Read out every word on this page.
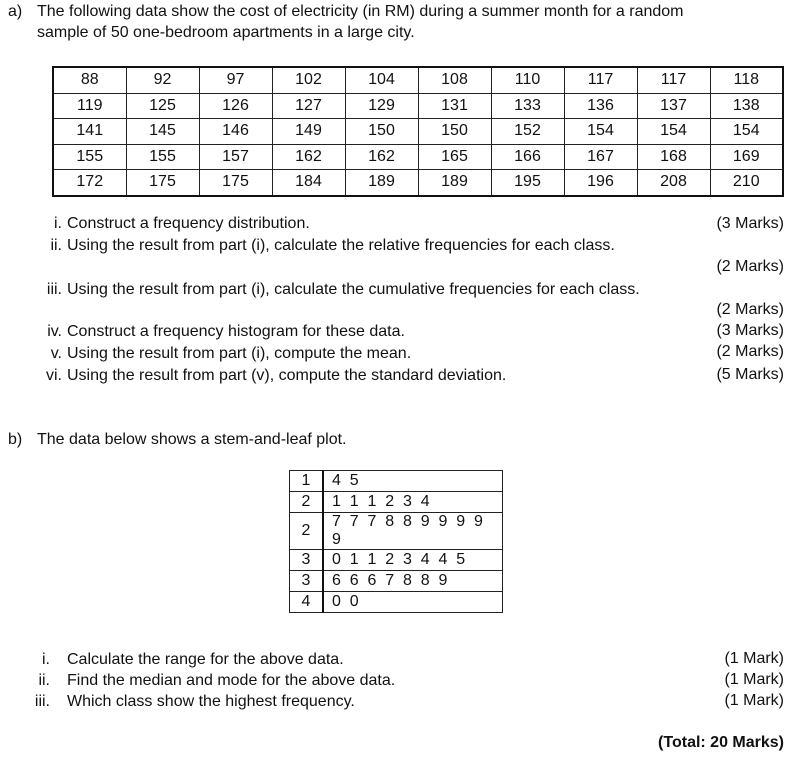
a) The following data show the cost of electricity (in RM) during a summer month for a random
sample of 50 one-bedroom apartments in a large city.
88	92	97	102	104	108	110	117	117	118
119	125	126	127	129	131	133	136	137	138
141	145	146	149	150	150	152	154	154	154
155	155	157	162	162	165	166	167	168	169
172	175	175	184	189	189	195	196	208	210
i. Construct a frequency distribution.	(3 Marks)
ii. Using the result from part (i), calculate the relative frequencies for each class.
(2 Marks)
iii. Using the result from part (i), calculate the cumulative frequencies for each class.
(2 Marks)
iv. Construct a frequency histogram for these data.	(3 Marks)
v. Using the result from part (i), compute the mean.	(2 Marks)
vi. Using the result from part (v), compute the standard deviation.	(5 Marks)
b) The data below shows a stem-and-leaf plot.
1	4 5
2	1 1 1 2 3 4
2	7 7 7 8 8 9 9 9 9 9
3	0 1 1 2 3 4 4 5
3	6 6 6 7 8 8 9
4	0 0
i. Calculate the range for the above data.	(1 Mark)
ii. Find the median and mode for the above data.	(1 Mark)
iii. Which class show the highest frequency.	(1 Mark)
(Total: 20 Marks)
